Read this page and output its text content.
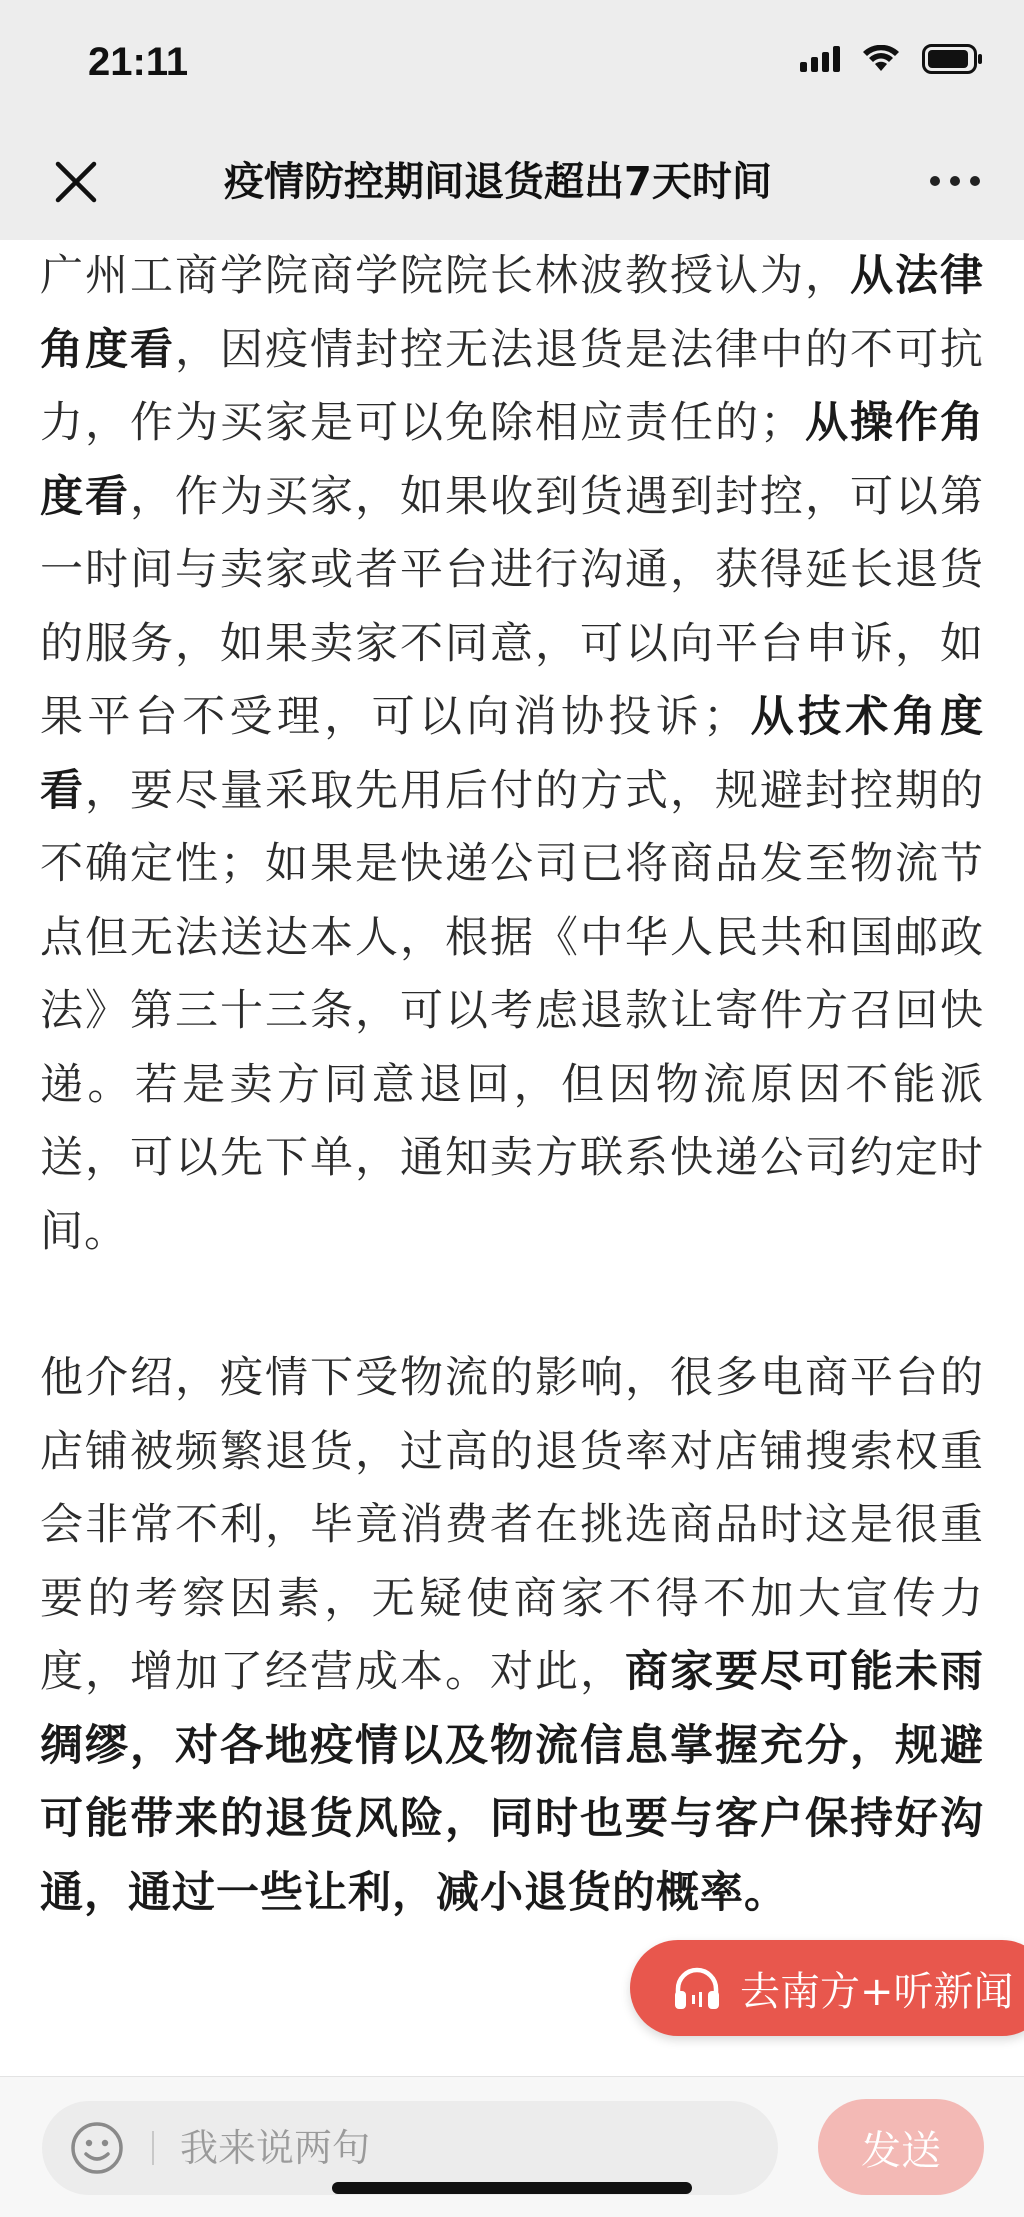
21:11
疫情防控期间退货超出7天时间

广州工商学院商学院院长林波教授认为，从法律角度看，因疫情封控无法退货是法律中的不可抗力，作为买家是可以免除相应责任的；从操作角度看，作为买家，如果收到货遇到封控，可以第一时间与卖家或者平台进行沟通，获得延长退货的服务，如果卖家不同意，可以向平台申诉，如果平台不受理，可以向消协投诉；从技术角度看，要尽量采取先用后付的方式，规避封控期的不确定性；如果是快递公司已将商品发至物流节点但无法送达本人，根据《中华人民共和国邮政法》第三十三条，可以考虑退款让寄件方召回快递。若是卖方同意退回，但因物流原因不能派送，可以先下单，通知卖方联系快递公司约定时间。

他介绍，疫情下受物流的影响，很多电商平台的店铺被频繁退货，过高的退货率对店铺搜索权重会非常不利，毕竟消费者在挑选商品时这是很重要的考察因素，无疑使商家不得不加大宣传力度，增加了经营成本。对此，商家要尽可能未雨绸缪，对各地疫情以及物流信息掌握充分，规避可能带来的退货风险，同时也要与客户保持好沟通，通过一些让利，减小退货的概率。

去南方+听新闻
我来说两句	发送
